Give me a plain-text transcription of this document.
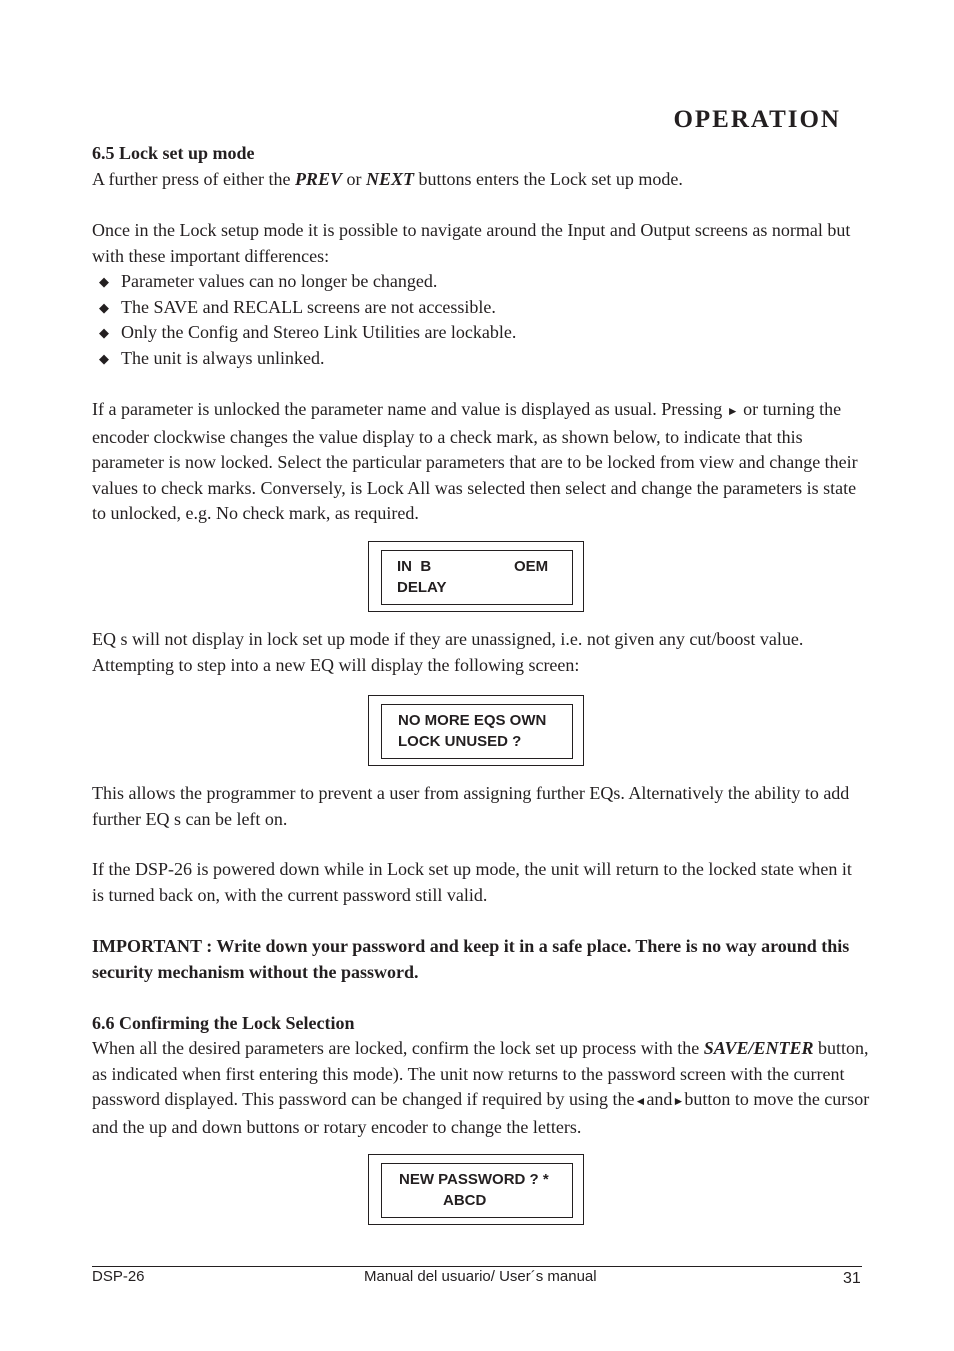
OPERATION

6.5 Lock set up mode

A further press of either the PREV or NEXT buttons enters the Lock set up mode.

Once in the Lock setup mode it is possible to navigate around the Input and Output screens as normal but with these important differences:

◆ Parameter values can no longer be changed.
◆ The SAVE and RECALL screens are not accessible.
◆ Only the Config and Stereo Link Utilities are lockable.
◆ The unit is always unlinked.

If a parameter is unlocked the parameter name and value is displayed as usual. Pressing ► or turning the encoder clockwise changes the value display to a check mark, as shown below, to indicate that this parameter is now locked. Select the particular parameters that are to be locked from view and change their values to check marks. Conversely, is Lock All was selected then select and change the parameters is state to unlocked, e.g. No check mark, as required.

IN  B	OEM
DELAY

EQ s will not display in lock set up mode if they are unassigned, i.e. not given any cut/boost value. Attempting to step into a new EQ will display the following screen:

NO MORE EQS OWN
LOCK UNUSED ?

This allows the programmer to prevent a user from assigning further EQs. Alternatively the ability to add further EQ s can be left on.

If the DSP-26 is powered down while in Lock set up mode, the unit will return to the locked state when it is turned back on, with the current password still valid.

IMPORTANT : Write down your password and keep it in a safe place. There is no way around this security mechanism without the password.

6.6 Confirming the Lock Selection

When all the desired parameters are locked, confirm the lock set up process with the SAVE/ENTER button, as indicated when first entering this mode). The unit now returns to the password screen with the current password displayed. This password can be changed if required by using the◄and►button to move the cursor and the up and down buttons or rotary encoder to change the letters.

NEW PASSWORD ? *
ABCD
DSP-26	Manual del usuario/ User´s manual	31
